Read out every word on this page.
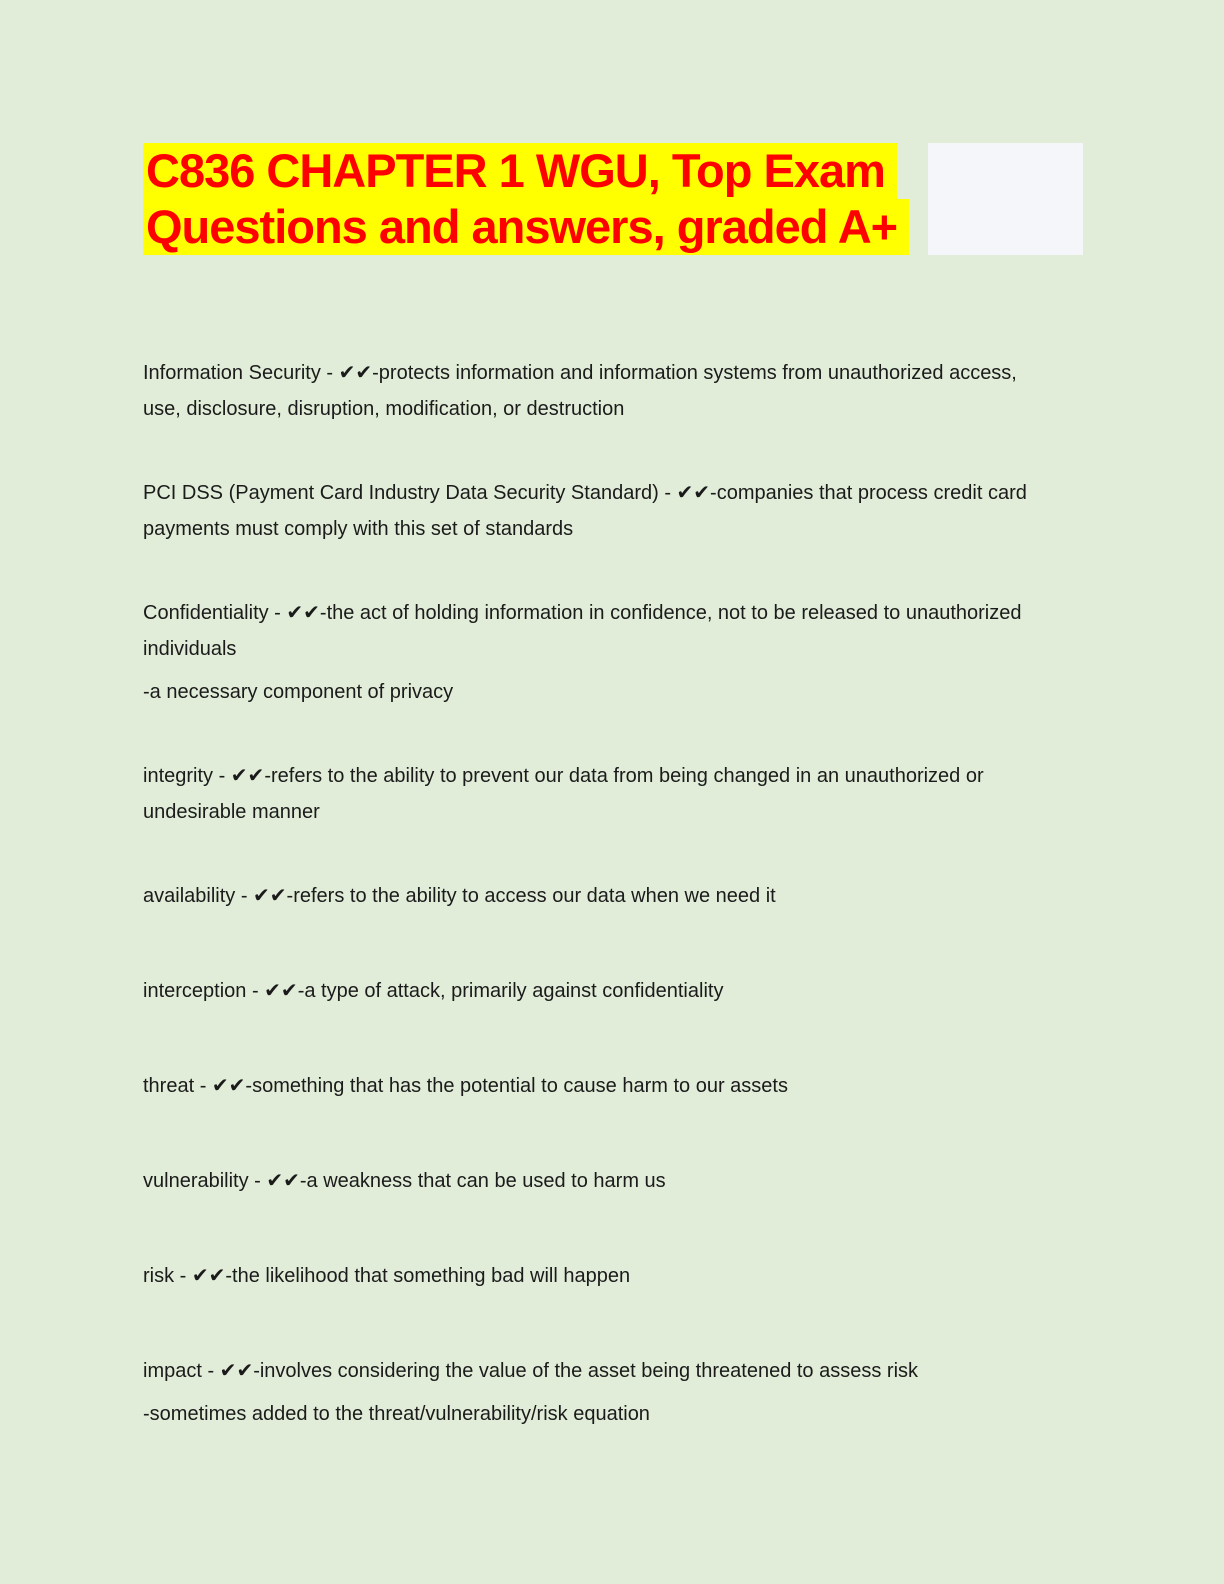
C836 CHAPTER 1 WGU, Top Exam
Questions and answers, graded A+
Information Security - ✔✔-protects information and information systems from unauthorized access,
use, disclosure, disruption, modification, or destruction
PCI DSS (Payment Card Industry Data Security Standard) - ✔✔-companies that process credit card
payments must comply with this set of standards
Confidentiality - ✔✔-the act of holding information in confidence, not to be released to unauthorized
individuals
-a necessary component of privacy
integrity - ✔✔-refers to the ability to prevent our data from being changed in an unauthorized or
undesirable manner
availability - ✔✔-refers to the ability to access our data when we need it
interception - ✔✔-a type of attack, primarily against confidentiality
threat - ✔✔-something that has the potential to cause harm to our assets
vulnerability - ✔✔-a weakness that can be used to harm us
risk - ✔✔-the likelihood that something bad will happen
impact - ✔✔-involves considering the value of the asset being threatened to assess risk
-sometimes added to the threat/vulnerability/risk equation
